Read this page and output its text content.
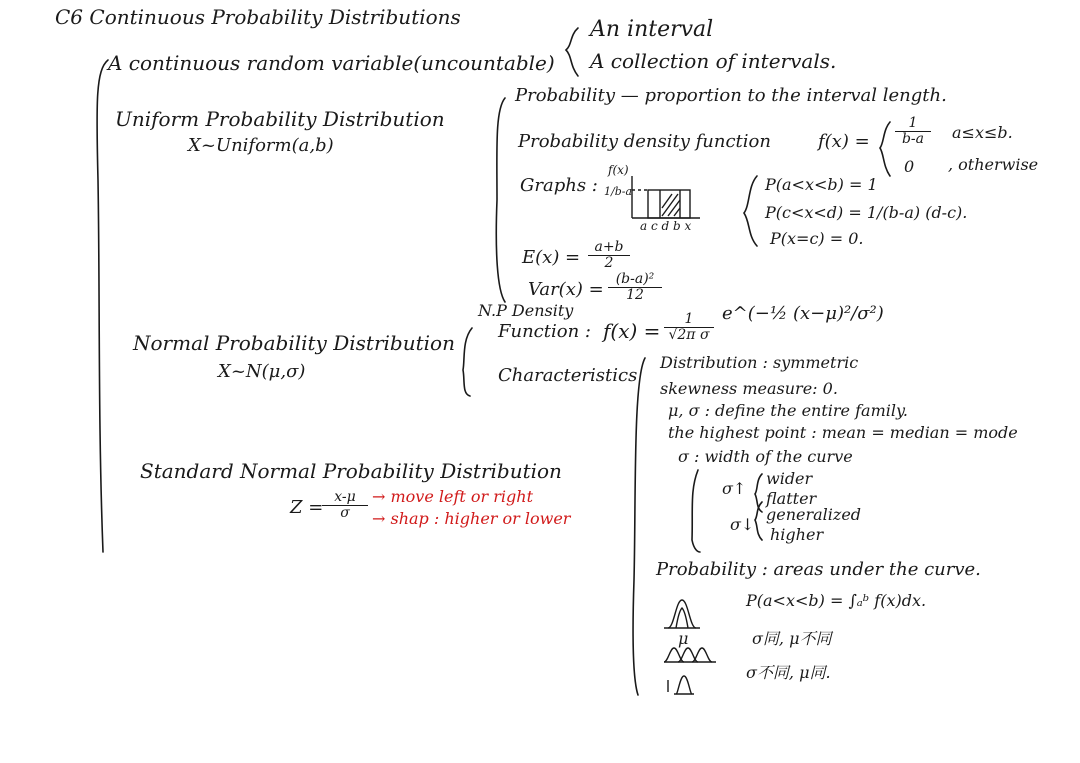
C6 Continuous Probability Distributions
A continuous random variable(uncountable)
An interval
A collection of intervals.
Uniform Probability Distribution
X~Uniform(a,b)
Probability — proportion to the interval length.
Probability density function	$f(x) = \frac{1}{b-a} a\le x\le b$.
0 , otherwise
Graphs :
f(x)
1/b-a
a c d b x
P(a<x<b) = 1
P(c<x<d) = 1/(b-a) (d-c).
P(x=c) = 0.
$E(x) = \frac{a+b}{2}$
$Var(x) = \frac{\text{(b-a)²}}{12}$
Normal Probability Distribution
X~N(μ,σ)
N.P Density
Function : $f(x) = \frac{1}{\text{√2π σ}}$ e^(−½ (x−μ)²/σ²)
Characteristics
Distribution : symmetric
skewness measure: 0.
μ, σ : define the entire family.
the highest point : mean = median = mode
σ : width of the curve
σ↑
wider
flatter
σ↓
generalized
higher
Probability : areas under the curve.
P(a<x<b) = ∫ₐᵇ f(x)dx.
μ	σ同, μ不同
σ不同, μ同.
Standard Normal Probability Distribution
Z =
$\frac{x-\mu}{\sigma}$ → move left or right
→ shap : higher or lower
